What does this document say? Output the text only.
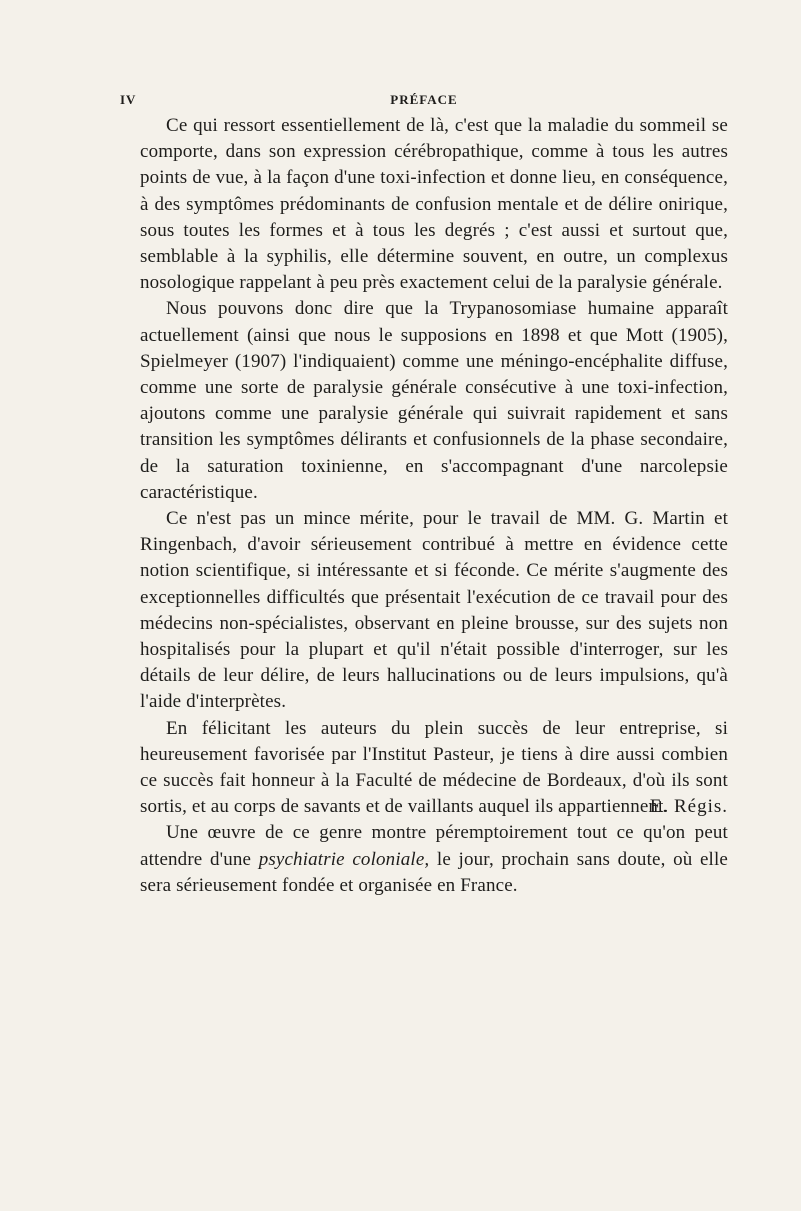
IV	PRÉFACE

Ce qui ressort essentiellement de là, c'est que la maladie du sommeil se comporte, dans son expression cérébropathique, comme à tous les autres points de vue, à la façon d'une toxi-infection et donne lieu, en conséquence, à des symptômes prédominants de confusion mentale et de délire onirique, sous toutes les formes et à tous les degrés ; c'est aussi et surtout que, semblable à la syphilis, elle détermine souvent, en outre, un complexus nosologique rappelant à peu près exactement celui de la paralysie générale.

Nous pouvons donc dire que la Trypanosomiase humaine apparaît actuellement (ainsi que nous le supposions en 1898 et que Mott (1905), Spielmeyer (1907) l'indiquaient) comme une méningo-encéphalite diffuse, comme une sorte de paralysie générale consécutive à une toxi-infection, ajoutons comme une paralysie générale qui suivrait rapidement et sans transition les symptômes délirants et confusionnels de la phase secondaire, de la saturation toxinienne, en s'accompagnant d'une narcolepsie caractéristique.

Ce n'est pas un mince mérite, pour le travail de MM. G. Martin et Ringenbach, d'avoir sérieusement contribué à mettre en évidence cette notion scientifique, si intéressante et si féconde. Ce mérite s'augmente des exceptionnelles difficultés que présentait l'exécution de ce travail pour des médecins non-spécialistes, observant en pleine brousse, sur des sujets non hospitalisés pour la plupart et qu'il n'était possible d'interroger, sur les détails de leur délire, de leurs hallucinations ou de leurs impulsions, qu'à l'aide d'interprètes.

En félicitant les auteurs du plein succès de leur entreprise, si heureusement favorisée par l'Institut Pasteur, je tiens à dire aussi combien ce succès fait honneur à la Faculté de médecine de Bordeaux, d'où ils sont sortis, et au corps de savants et de vaillants auquel ils appartiennent.

Une œuvre de ce genre montre péremptoirement tout ce qu'on peut attendre d'une psychiatrie coloniale, le jour, prochain sans doute, où elle sera sérieusement fondée et organisée en France.

E. Régis.
